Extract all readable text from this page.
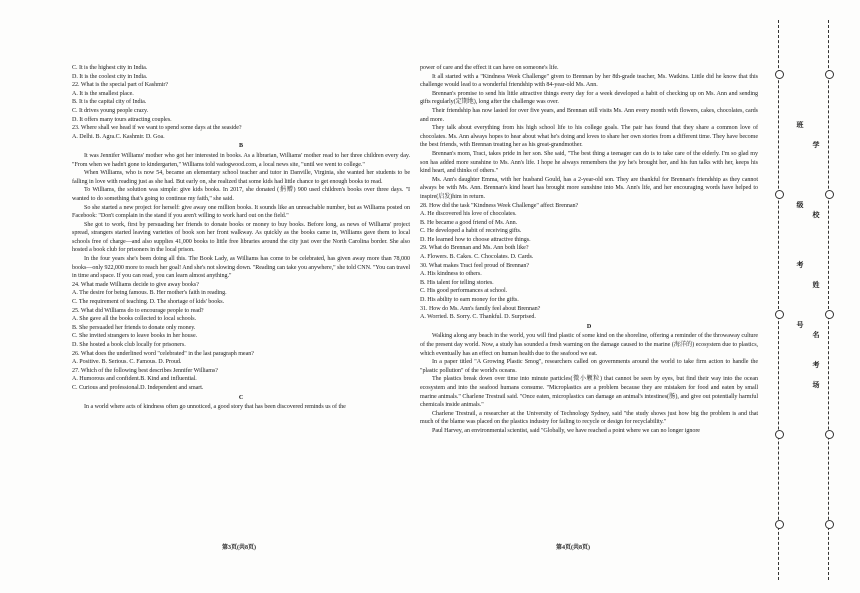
C. It is the highest city in India.

D. It is the coolest city in India.

22. What is the special part of Kashmir?

A. It is the smallest place.

B. It is the capital city of India.

C. It drives young people crazy.

D. It offers many tours attracting couples.

23. Where shall we head if we want to spend some days at the seaside?

A. Delhi. B. Agra.C. Kashmir. D. Goa.

B

It was Jennifer Williams' mother who got her interested in books. As a librarian, Williams' mother read to her three children every day. "From when we hadn't gone to kindergarten," Williams told vadogwood.com, a local news site, "until we went to college."

When Williams, who is now 54, became an elementary school teacher and tutor in Danville, Virginia, she wanted her students to be falling in love with reading just as she had. But early on, she realized that some kids had little chance to get enough books to read.

To Williams, the solution was simple: give kids books. In 2017, she donated (捐赠) 900 used children's books over three days. "I wanted to do something that's going to continue my faith," she said.

So she started a new project for herself: give away one million books. It sounds like an unreachable number, but as Williams posted on Facebook: "Don't complain in the stand if you aren't willing to work hard out on the field."

She got to work, first by persuading her friends to donate books or money to buy books. Before long, as news of Williams' project spread, strangers started leaving varieties of book son her front walkway. As quickly as the books came in, Williams gave them to local schools free of charge—and also supplies 41,000 books to little free libraries around the city just over the North Carolina border. She also hosted a book club for prisoners in the local prison.

In the four years she's been doing all this. The Book Lady, as Williams has come to be celebrated, has given away more than 78,000 books—only 922,000 more to reach her goal! And she's not slowing down. "Reading can take you anywhere," she told CNN. "You can travel in time and space. If you can read, you can learn almost anything."

24. What made Williams decide to give away books?

A. The desire for being famous. B. Her mother's faith in reading.

C. The requirement of teaching. D. The shortage of kids' books.

25. What did Williams do to encourage people to read?

A. She gave all the books collected to local schools.

B. She persuaded her friends to donate only money.

C. She invited strangers to leave books in her house.

D. She hosted a book club locally for prisoners.

26. What does the underlined word "celebrated" in the last paragraph mean?

A. Positive. B. Serious. C. Famous. D. Proud.

27. Which of the following best describes Jennifer Williams?

A. Humorous and confident.B. Kind and influential.

C. Curious and professional.D. Independent and smart.

C

In a world where acts of kindness often go unnoticed, a good story that has been discovered reminds us of the

power of care and the effect it can have on someone's life.

It all started with a "Kindness Week Challenge" given to Brennan by her 8th-grade teacher, Ms. Watkins. Little did he know that this challenge would lead to a wonderful friendship with 84-year-old Ms. Ann.

Brennan's promise to send his little attractive things every day for a week developed a habit of checking up on Ms. Ann and sending gifts regularly(定期地), long after the challenge was over.

Their friendship has now lasted for over five years, and Brennan still visits Ms. Ann every month with flowers, cakes, chocolates, cards and more.

They talk about everything from his high school life to his college goals. The pair has found that they share a common love of chocolates. Ms. Ann always hopes to hear about what he's doing and loves to share her own stories from a different time. They have become the best friends, with Brennan treating her as his great-grandmother.

Brennan's mom, Traci, takes pride in her son. She said, "The best thing a teenager can do is to take care of the elderly. I'm so glad my son has added more sunshine to Ms. Ann's life. I hope he always remembers the joy he's brought her, and his fun talks with her, keeps his kind heart, and thinks of others."

Ms. Ann's daughter Emma, with her husband Gould, has a 2-year-old son. They are thankful for Brennan's friendship as they cannot always be with Ms. Ann. Brennan's kind heart has brought more sunshine into Ms. Ann's life, and her encouraging words have helped to inspire(启发)him in return.

28. How did the task "Kindness Week Challenge" affect Brennan?

A. He discovered his love of chocolates.

B. He became a good friend of Ms. Ann.

C. He developed a habit of receiving gifts.

D. He learned how to choose attractive things.

29. What do Brennan and Ms. Ann both like?

A. Flowers. B. Cakes. C. Chocolates. D. Cards.

30. What makes Traci feel proud of Brennan?

A. His kindness to others.

B. His talent for telling stories.

C. His good performances at school.

D. His ability to earn money for the gifts.

31. How do Ms. Ann's family feel about Brennan?

A. Worried. B. Sorry. C. Thankful. D. Surprised.

D

Walking along any beach in the world, you will find plastic of some kind on the shoreline, offering a reminder of the throwaway culture of the present day world. Now, a study has sounded a fresh warning on the damage caused to the marine (海洋的) ecosystem due to plastics, which eventually has an effect on human health due to the seafood we eat.

In a paper titled "A Growing Plastic Smog", researchers called on governments around the world to take firm action to handle the "plastic pollution" of the world's oceans.

The plastics break down over time into minute particles(微小颗粒) that cannot be seen by eyes, but find their way into the ocean ecosystem and into the seafood humans consume. "Microplastics are a problem because they are mistaken for food and eaten by small marine animals." Charlene Trestrail said. "Once eaten, microplastics can damage an animal's intestines(肠), and give out potentially harmful chemicals inside animals."

Charlene Trestrail, a researcher at the University of Technology Sydney, said "the study shows just how big the problem is and that much of the blame was placed on the plastics industry for failing to recycle or design for recyclability."

Paul Harvey, an environmental scientist, said "Globally, we have reached a point where we can no longer ignore

第3页(共8页)	第4页(共8页)
班
级
考
号
学
校
姓
名
考
场
